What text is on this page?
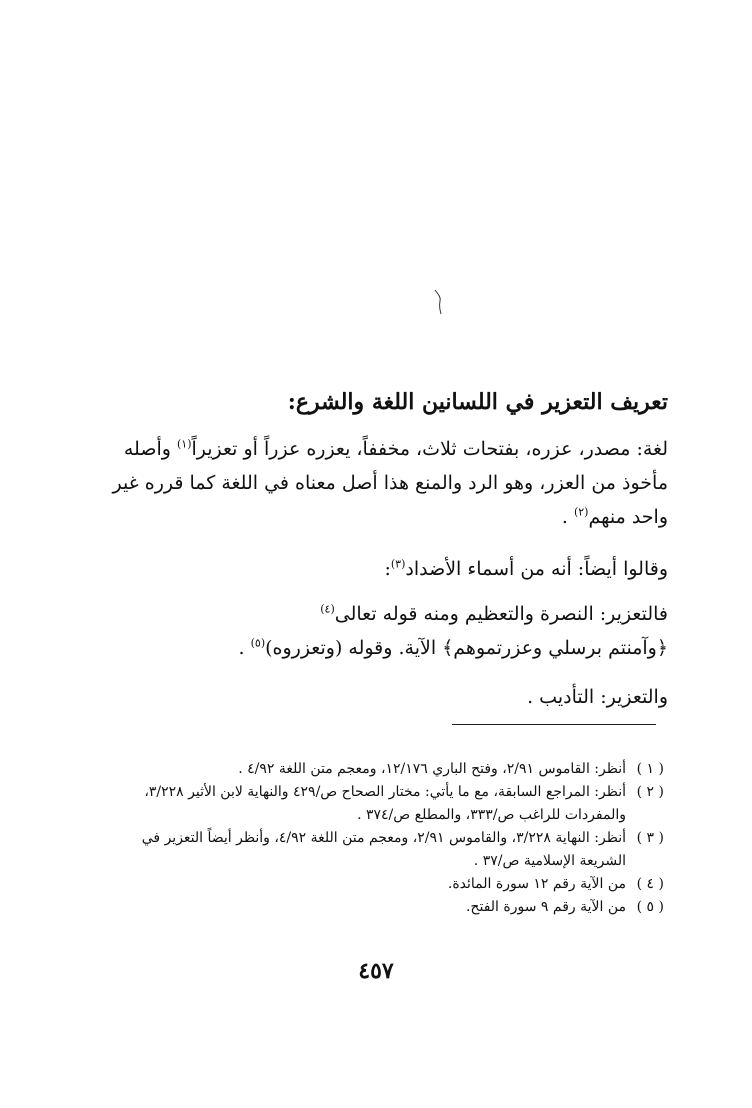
تعريف التعزير في اللسانين اللغة والشرع:
لغة: مصدر، عزره، بفتحات ثلاث، مخففاً، يعزره عزراً أو تعزيراً$^{(١)}$ وأصله مأخوذ من العزر، وهو الرد والمنع هذا أصل معناه في اللغة كما قرره غير واحد منهم$^{(٢)}$ .
وقالوا أيضاً: أنه من أسماء الأضداد$^{(٣)}$:
فالتعزير: النصرة والتعظيم ومنه قوله تعالى$^{(٤)}$ ﴿وآمنتم برسلي وعزرتموهم﴾ الآية. وقوله (وتعزروه)$^{(٥)}$ .
والتعزير: التأديب .
( ١ )
أنظر: القاموس ٢/٩١، وفتح الباري ١٢/١٧٦، ومعجم متن اللغة ٤/٩٢ .
( ٢ )
أنظر: المراجع السابقة، مع ما يأتي: مختار الصحاح ص/٤٢٩ والنهاية لابن الأثير ٣/٢٢٨، والمفردات للراغب ص/٣٣٣، والمطلع ص/٣٧٤ .
( ٣ )
أنظر: النهاية ٣/٢٢٨، والقاموس ٢/٩١، ومعجم متن اللغة ٤/٩٢، وأنظر أيضاً التعزير في الشريعة الإسلامية ص/٣٧ .
( ٤ )
من الآية رقم ١٢ سورة المائدة.
( ٥ )
من الآية رقم ٩ سورة الفتح.
٤٥٧
